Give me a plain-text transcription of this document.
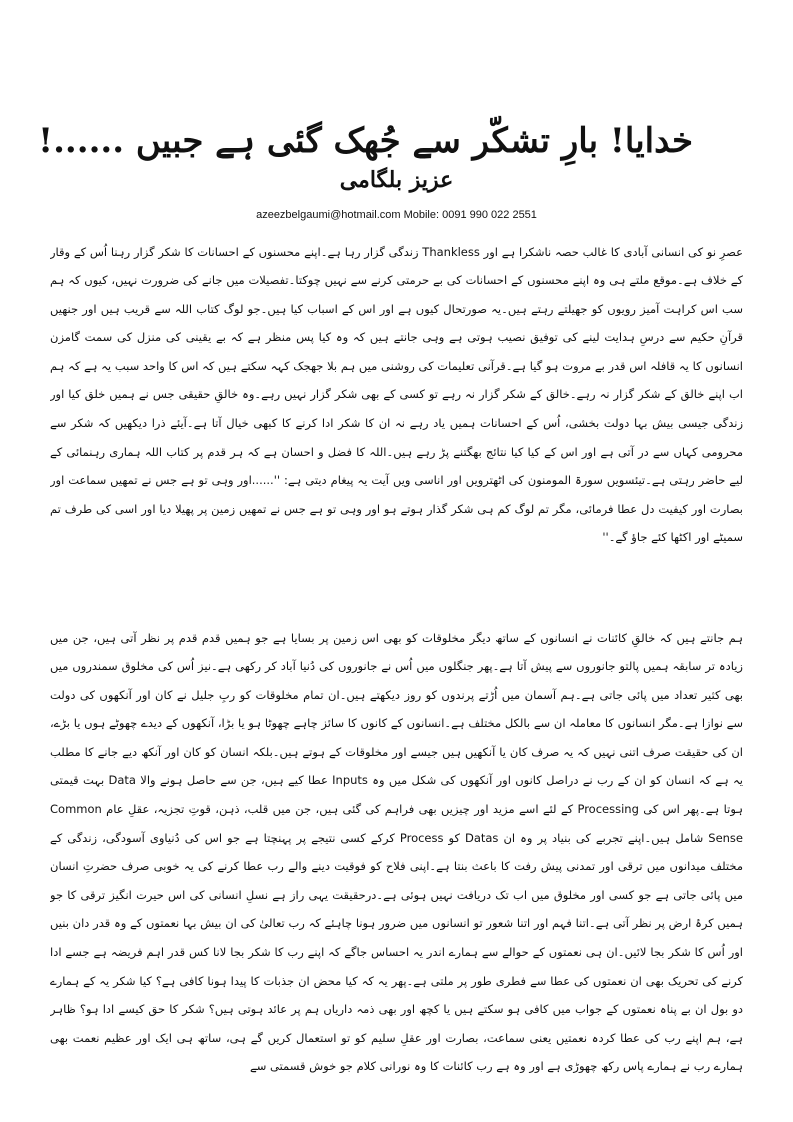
خدایا! بارِ تشکّر سے جُھک گئی ہے جبیں ......!
عزیز بلگامی
azeezbelgaumi@hotmail.com Mobile: 0091 990 022 2551

عصرِ نو کی انسانی آبادی کا غالب حصہ ناشکرا ہے اور Thankless زندگی گزار رہا ہے۔اپنے محسنوں کے احسانات کا شکر گزار رہنا اُس کے وقار کے خلاف ہے۔موقع ملتے ہی وہ اپنے محسنوں کے احسانات کی بے حرمتی کرنے سے نہیں چوکتا۔تفصیلات میں جانے کی ضرورت نہیں، کیوں کہ ہم سب اس کراہت آمیز رویوں کو جھیلتے رہتے ہیں۔یہ صورتحال کیوں ہے اور اس کے اسباب کیا ہیں۔جو لوگ کتاب اللہ سے قریب ہیں اور جنھیں قرآنِ حکیم سے درسِ ہدایت لینے کی توفیق نصیب ہوتی ہے وہی جانتے ہیں کہ وہ کیا پس منظر ہے کہ بے یقینی کی منزل کی سمت گامزن انسانوں کا یہ قافلہ اس قدر بے مروت ہو گیا ہے۔قرآنی تعلیمات کی روشنی میں ہم بلا جھجک کہہ سکتے ہیں کہ اس کا واحد سبب یہ ہے کہ ہم اب اپنے خالق کے شکر گزار نہ رہے۔خالق کے شکر گزار نہ رہے تو کسی کے بھی شکر گزار نہیں رہے۔وہ خالقِ حقیقی جس نے ہمیں خلق کیا اور زندگی جیسی بیش بہا دولت بخشی، اُس کے احسانات ہمیں یاد رہے نہ ان کا شکر ادا کرنے کا کبھی خیال آتا ہے۔آیئے ذرا دیکھیں کہ شکر سے محرومی کہاں سے در آتی ہے اور اس کے کیا کیا نتائج بھگتنے پڑ رہے ہیں۔اللہ کا فضل و احسان ہے کہ ہر قدم پر کتاب اللہ ہماری رہنمائی کے لیے حاضر رہتی ہے۔تیئسویں سورۃ المومنون کی اٹھترویں اور اناسی ویں آیت یہ پیغام دیتی ہے: ''......اور وہی تو ہے جس نے تمھیں سماعت اور بصارت اور کیفیت دل عطا فرمائی، مگر تم لوگ کم ہی شکر گذار ہوتے ہو اور وہی تو ہے جس نے تمھیں زمین پر پھیلا دیا اور اسی کی طرف تم سمیٹے اور اکٹھا کئے جاؤ گے۔''

ہم جانتے ہیں کہ خالقِ کائنات نے انسانوں کے ساتھ دیگر مخلوقات کو بھی اس زمین پر بسایا ہے جو ہمیں قدم قدم پر نظر آتی ہیں، جن میں زیادہ تر سابقہ ہمیں پالتو جانوروں سے پیش آتا ہے۔پھر جنگلوں میں اُس نے جانوروں کی دُنیا آباد کر رکھی ہے۔نیز اُس کی مخلوق سمندروں میں بھی کثیر تعداد میں پائی جاتی ہے۔ہم آسمان میں اُڑتے پرندوں کو روز دیکھتے ہیں۔ان تمام مخلوقات کو ربِ جلیل نے کان اور آنکھوں کی دولت سے نوازا ہے۔مگر انسانوں کا معاملہ ان سے بالکل مختلف ہے۔انسانوں کے کانوں کا سائز چاہے چھوٹا ہو یا بڑا، آنکھوں کے دیدے چھوٹے ہوں یا بڑے، ان کی حقیقت صرف اتنی نہیں کہ یہ صرف کان یا آنکھیں ہیں جیسے اور مخلوقات کے ہوتے ہیں۔بلکہ انسان کو کان اور آنکھ دیے جانے کا مطلب یہ ہے کہ انسان کو ان کے رب نے دراصل کانوں اور آنکھوں کی شکل میں وہ Inputs عطا کیے ہیں، جن سے حاصل ہونے والا Data بہت قیمتی ہوتا ہے۔پھر اس کی Processing کے لئے اسے مزید اور چیزیں بھی فراہم کی گئی ہیں، جن میں قلب، ذہن، قوتِ تجزیہ، عقلِ عام Common Sense شامل ہیں۔اپنے تجربے کی بنیاد پر وہ ان Datas کو Process کرکے کسی نتیجے پر پہنچتا ہے جو اس کی دُنیاوی آسودگی، زندگی کے مختلف میدانوں میں ترقی اور تمدنی پیش رفت کا باعث بنتا ہے۔اپنی فلاح کو فوقیت دینے والے رب عطا کرنے کی یہ خوبی صرف حضرتِ انسان میں پائی جاتی ہے جو کسی اور مخلوق میں اب تک دریافت نہیں ہوئی ہے۔درحقیقت یہی راز ہے نسلِ انسانی کی اس حیرت انگیز ترقی کا جو ہمیں کرۂ ارض پر نظر آتی ہے۔اتنا فہم اور اتنا شعور تو انسانوں میں ضرور ہونا چاہئے کہ رب تعالیٰ کی ان بیش بہا نعمتوں کے وہ قدر دان بنیں اور اُس کا شکر بجا لائیں۔ان ہی نعمتوں کے حوالے سے ہمارے اندر یہ احساس جاگے کہ اپنے رب کا شکر بجا لانا کس قدر اہم فریضہ ہے جسے ادا کرنے کی تحریک بھی ان نعمتوں کی عطا سے فطری طور پر ملتی ہے۔پھر یہ کہ کیا محض ان جذبات کا پیدا ہونا کافی ہے؟ کیا شکر یہ کے ہمارے دو بول ان بے پناہ نعمتوں کے جواب میں کافی ہو سکتے ہیں یا کچھ اور بھی ذمہ داریاں ہم پر عائد ہوتی ہیں؟ شکر کا حق کیسے ادا ہو؟ ظاہر ہے، ہم اپنے رب کی عطا کردہ نعمتیں یعنی سماعت، بصارت اور عقلِ سلیم کو تو استعمال کریں گے ہی، ساتھ ہی ایک اور عظیم نعمت بھی ہمارے رب نے ہمارے پاس رکھ چھوڑی ہے اور وہ ہے رب کائنات کا وہ نورانی کلام جو خوش قسمتی سے
